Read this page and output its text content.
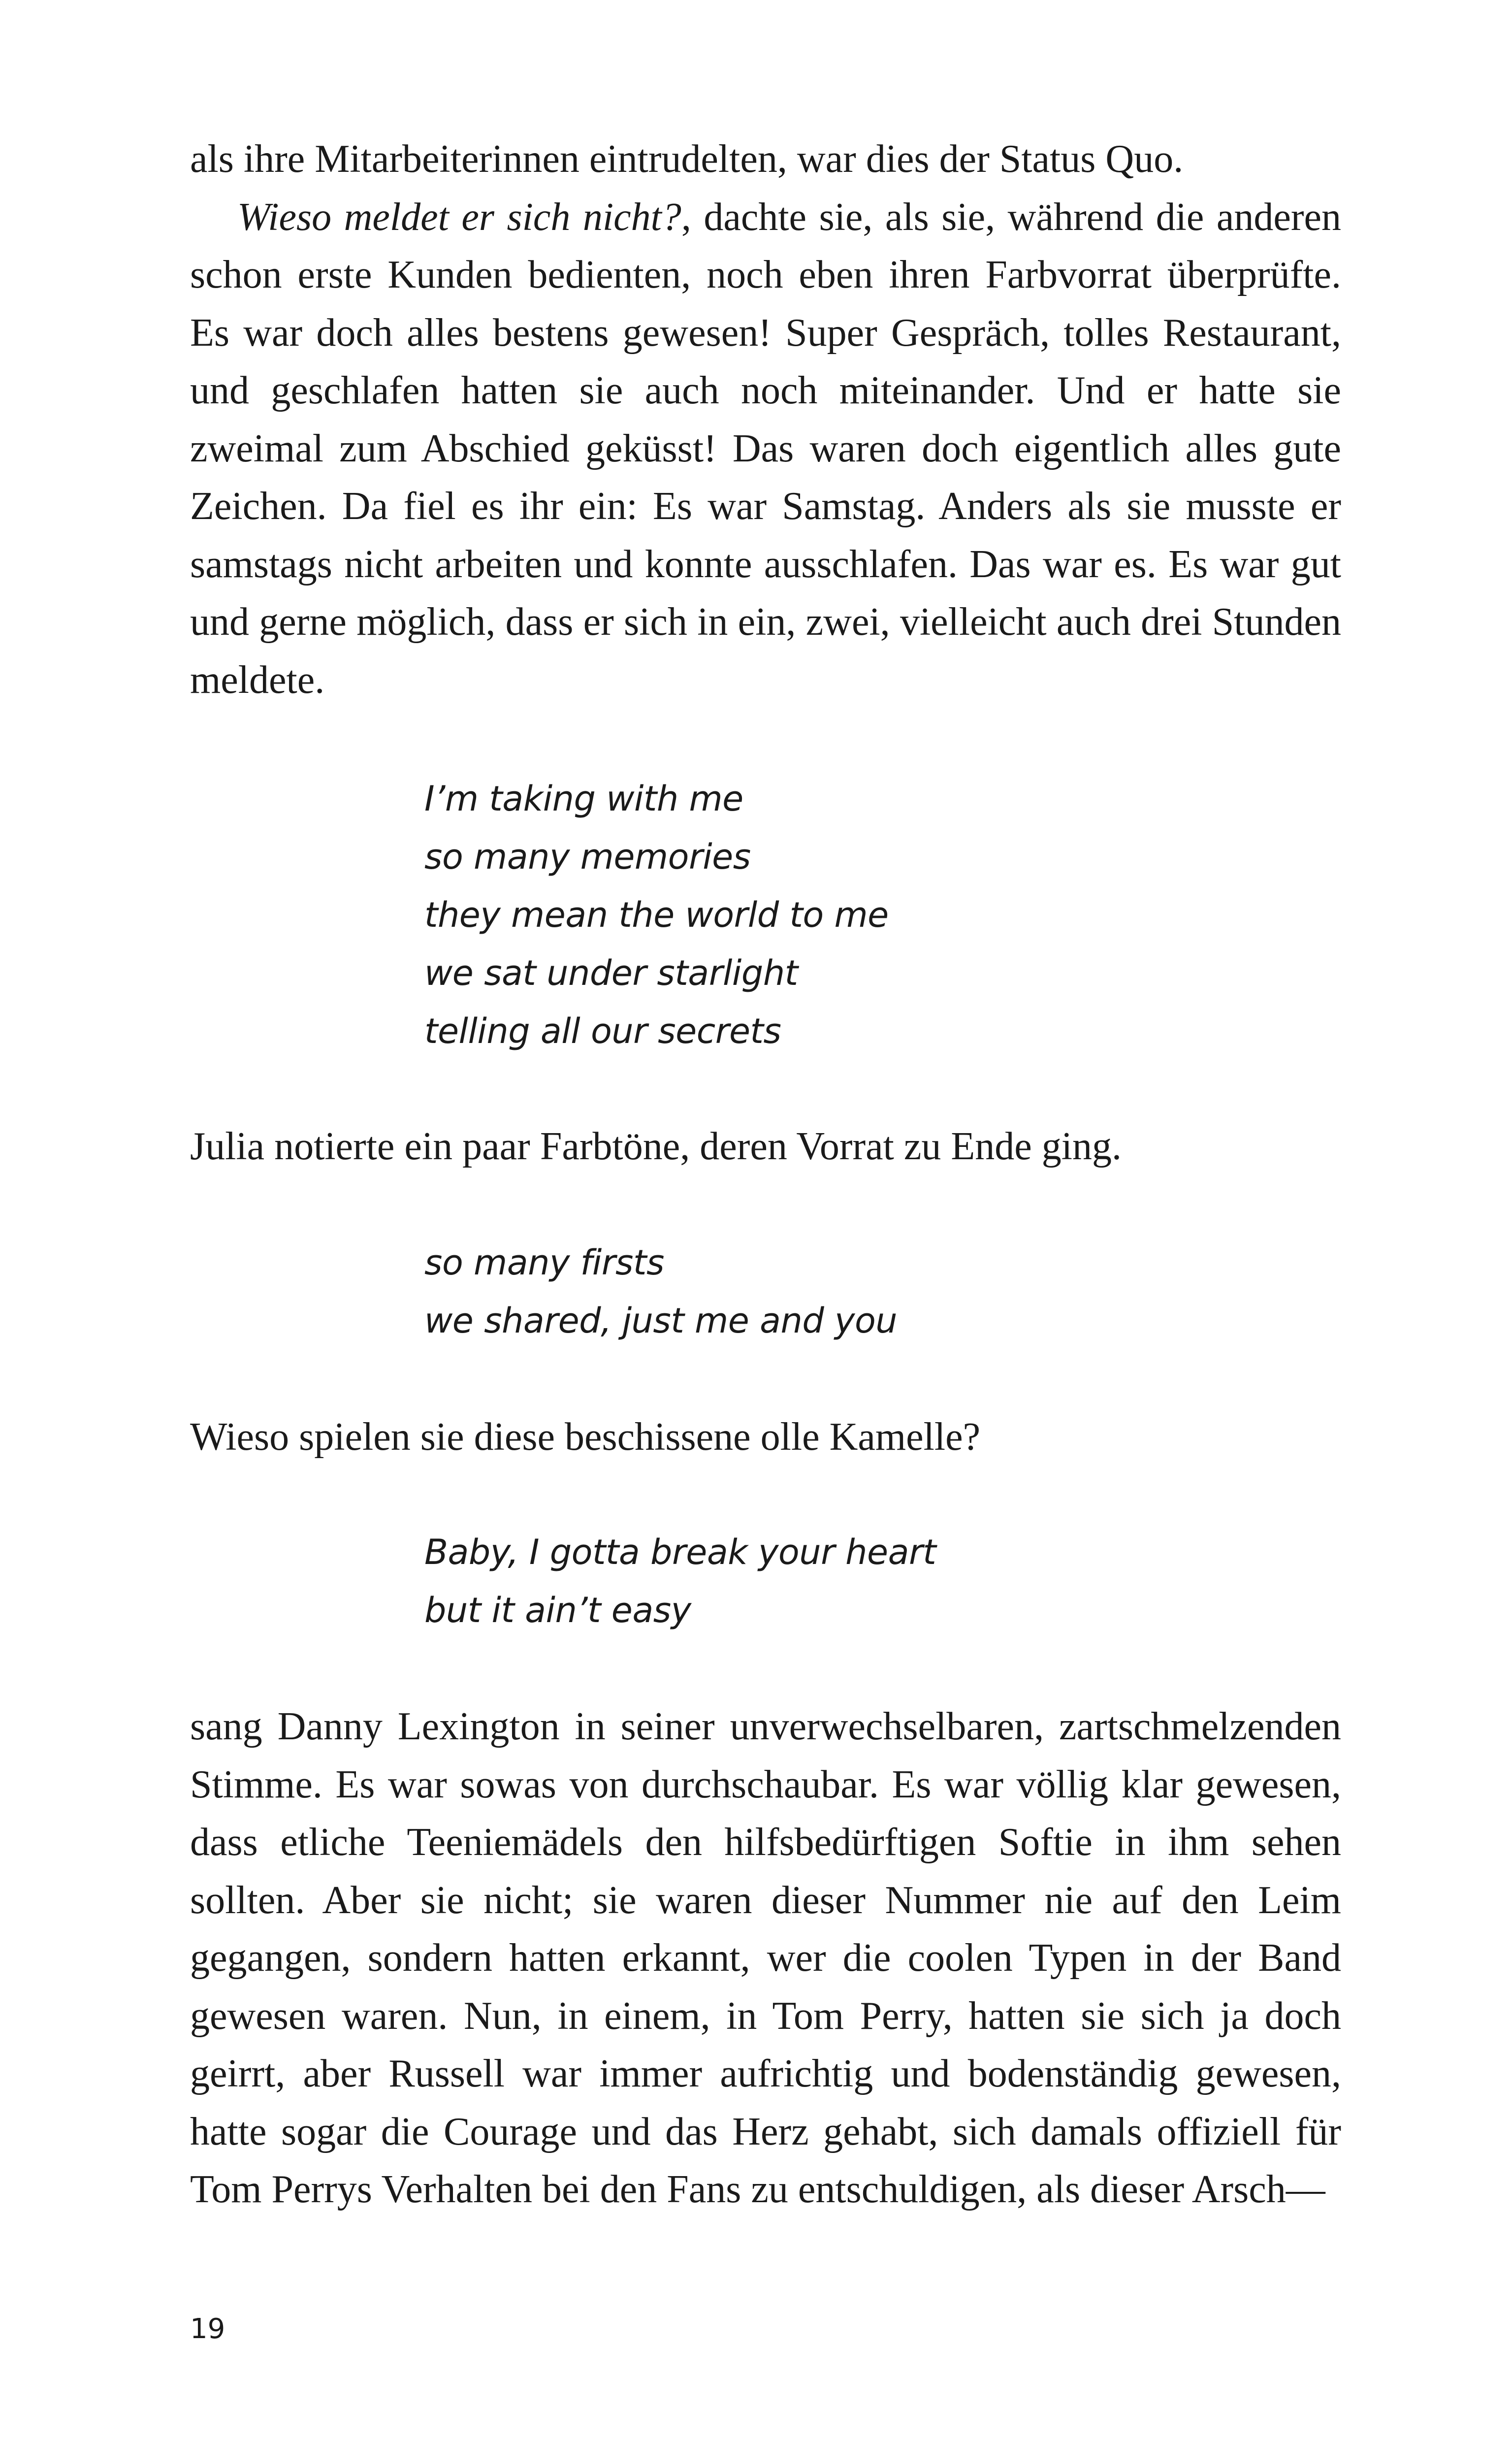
als ihre Mitarbeiterinnen eintrudelten, war dies der Status Quo.

Wieso meldet er sich nicht?, dachte sie, als sie, während die anderen schon erste Kunden bedienten, noch eben ihren Farbvorrat überprüfte. Es war doch alles bestens gewesen! Super Gespräch, tolles Restaurant, und geschlafen hatten sie auch noch miteinander. Und er hatte sie zweimal zum Abschied geküsst! Das waren doch eigentlich alles gute Zeichen. Da fiel es ihr ein: Es war Samstag. Anders als sie musste er samstags nicht arbeiten und konnte ausschlafen. Das war es. Es war gut und gerne möglich, dass er sich in ein, zwei, vielleicht auch drei Stunden meldete.

I’m taking with me
so many memories
they mean the world to me
we sat under starlight
telling all our secrets
Julia notierte ein paar Farbtöne, deren Vorrat zu Ende ging.
so many firsts
we shared, just me and you
Wieso spielen sie diese beschissene olle Kamelle?
Baby, I gotta break your heart
but it ain’t easy

sang Danny Lexington in seiner unverwechselbaren, zartschmelzenden Stimme. Es war sowas von durchschaubar. Es war völlig klar gewesen, dass etliche Teeniemädels den hilfsbedürftigen Softie in ihm sehen sollten. Aber sie nicht; sie waren dieser Nummer nie auf den Leim gegangen, sondern hatten erkannt, wer die coolen Typen in der Band gewesen waren. Nun, in einem, in Tom Perry, hatten sie sich ja doch geirrt, aber Russell war immer aufrichtig und bodenständig gewesen, hatte sogar die Courage und das Herz gehabt, sich damals offiziell für Tom Perrys Verhalten bei den Fans zu entschuldigen, als dieser Arsch—

19
